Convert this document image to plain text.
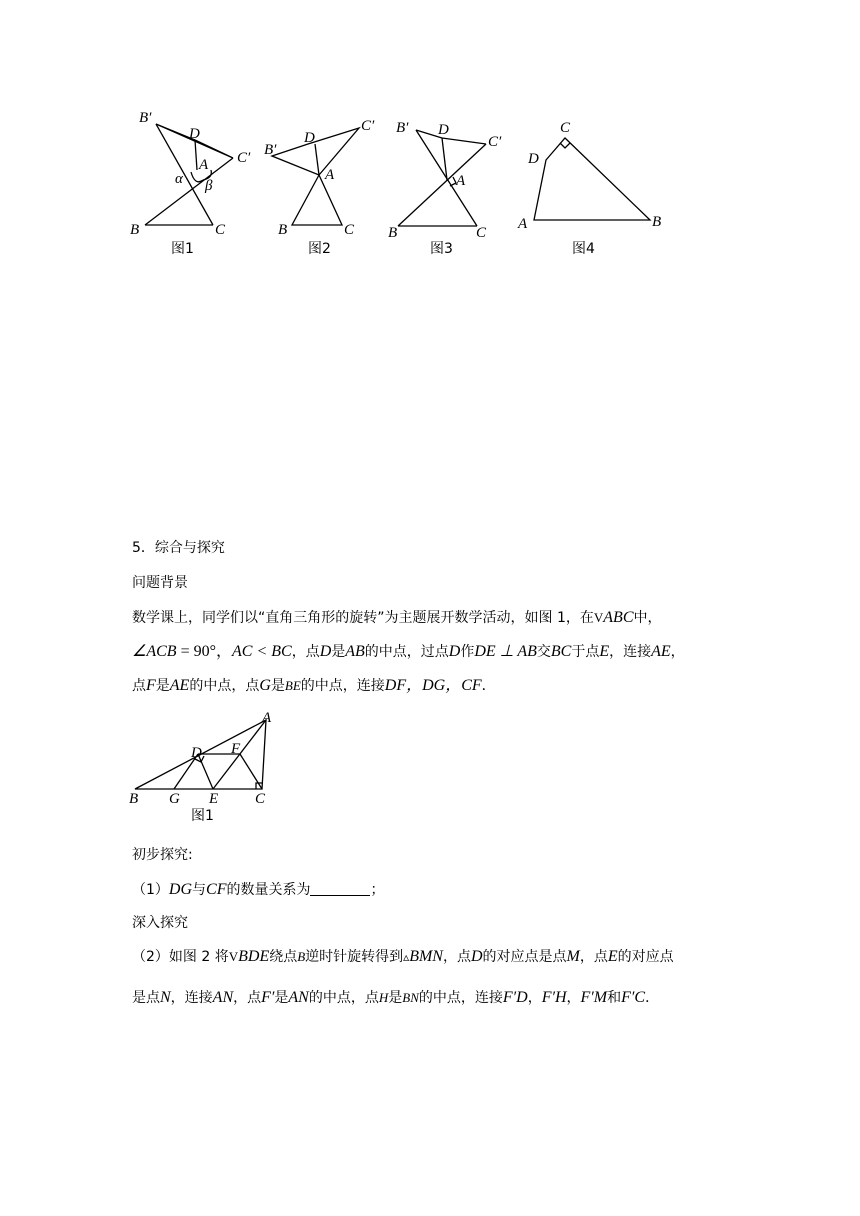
B′
D
C′
A
α β
B	C
图1
B′
D
C′
A
B	C
图2
B′ D
C′
A
B	C
图3
C
D
A	B
图4
5．综合与探究
问题背景
数学课上，同学们以“直角三角形的旋转”为主题展开数学活动，如图 1，在VABC中，
∠ACB = 90°，AC < BC，点D是AB的中点，过点D作DE ⊥ AB交BC于点E，连接AE，
点F是AE的中点，点G是BE的中点，连接DF，DG，CF．
A
D F
B G E C
图1
初步探究:
（1）DG与CF的数量关系为	；
深入探究
（2）如图 2 将VBDE绕点B逆时针旋转得到▵BMN，点D的对应点是点M，点E的对应点
是点N，连接AN，点F′是AN的中点，点H是BN的中点，连接F′D，F′H，F′M和F′C．
